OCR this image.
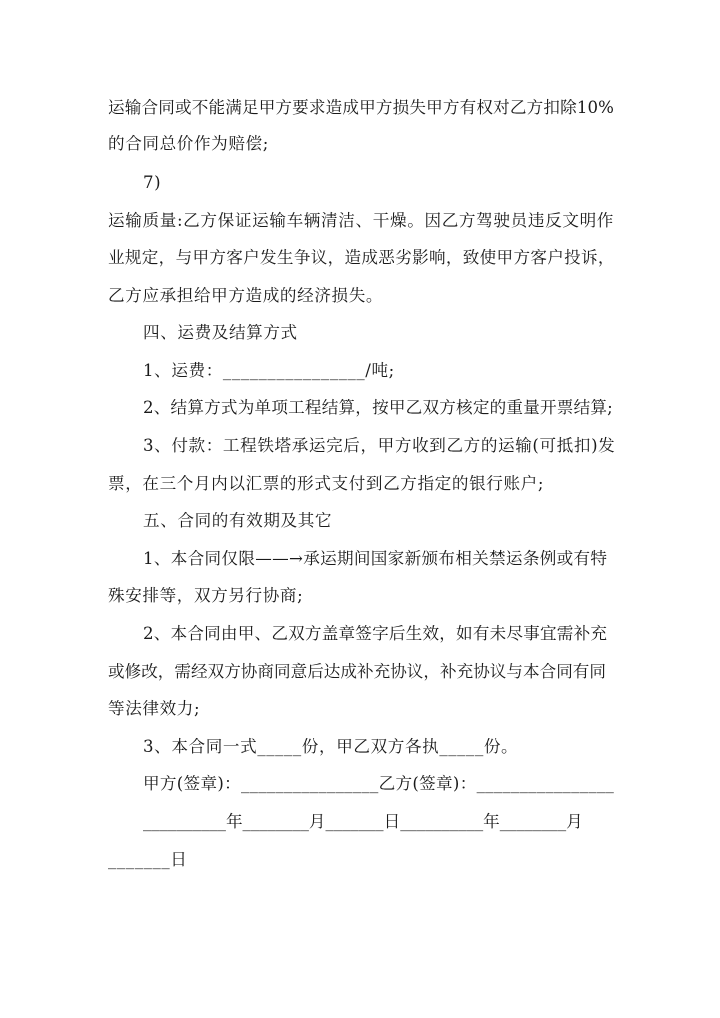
运输合同或不能满足甲方要求造成甲方损失甲方有权对乙方扣除10%
的合同总价作为赔偿;
7)
运输质量:乙方保证运输车辆清洁、干燥。因乙方驾驶员违反文明作
业规定，与甲方客户发生争议，造成恶劣影响，致使甲方客户投诉，
乙方应承担给甲方造成的经济损失。
四、运费及结算方式
1、运费：________________/吨;
2、结算方式为单项工程结算，按甲乙双方核定的重量开票结算;
3、付款：工程铁塔承运完后，甲方收到乙方的运输(可抵扣)发
票，在三个月内以汇票的形式支付到乙方指定的银行账户;
五、合同的有效期及其它
1、本合同仅限——→承运期间国家新颁布相关禁运条例或有特
殊安排等，双方另行协商;
2、本合同由甲、乙双方盖章签字后生效，如有未尽事宜需补充
或修改，需经双方协商同意后达成补充协议，补充协议与本合同有同
等法律效力;
3、本合同一式_____份，甲乙双方各执_____份。
甲方(签章)：________________乙方(签章)：________________
__________年________月_______日__________年________月
_______日
